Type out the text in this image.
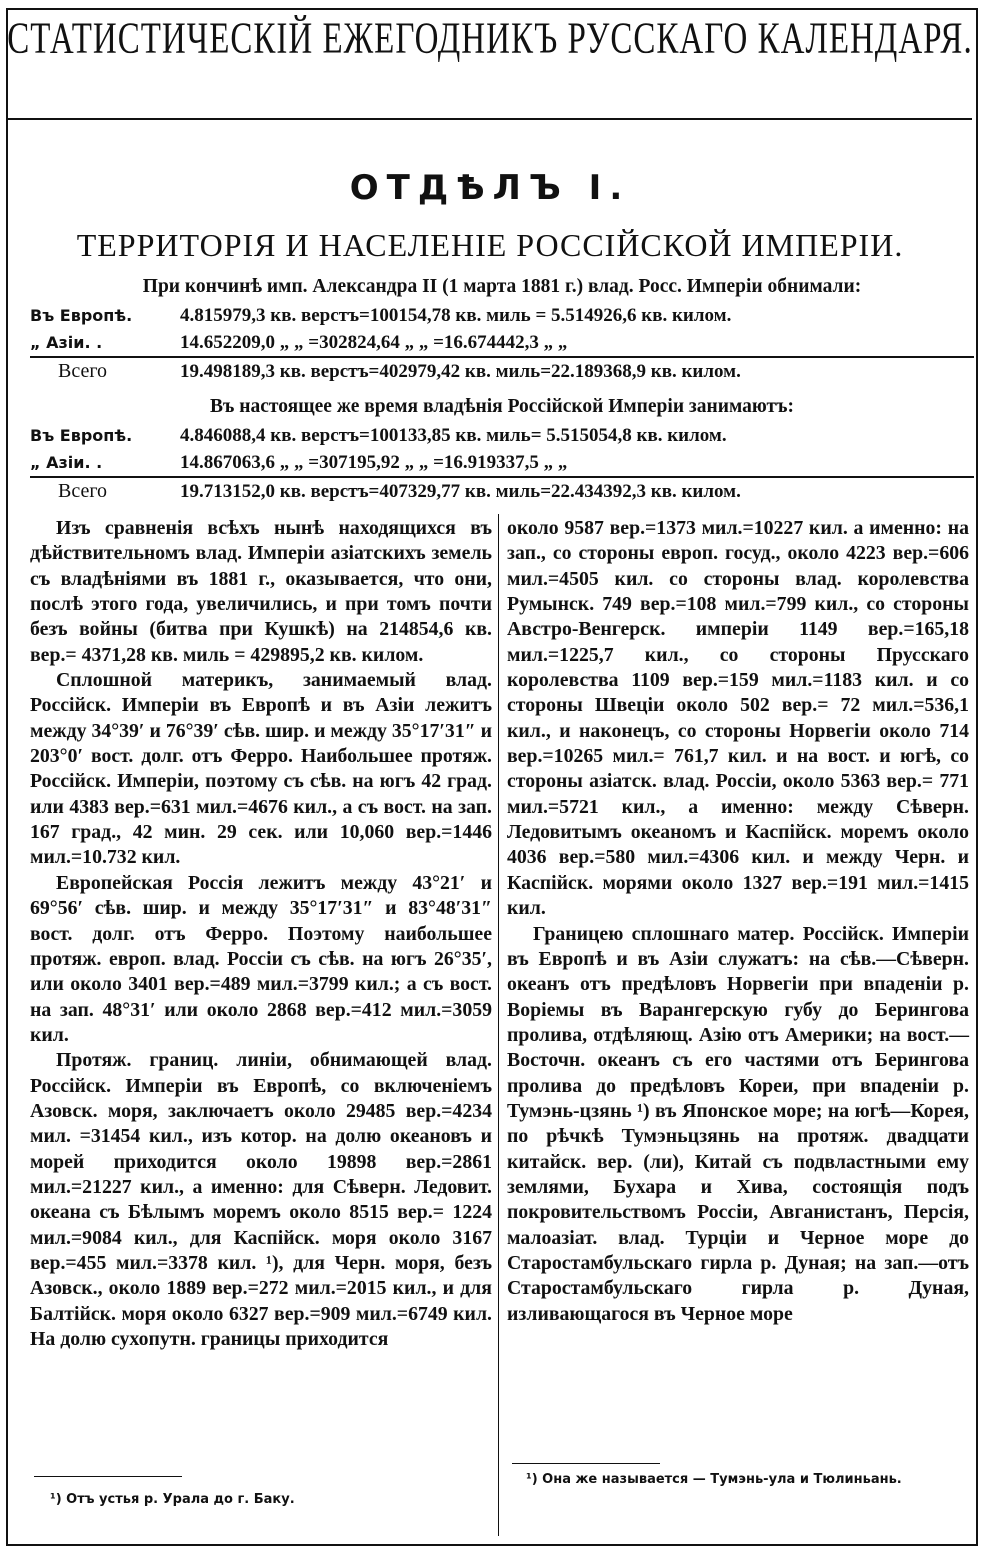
СТАТИСТИЧЕСКІЙ ЕЖЕГОДНИКЪ РУССКАГО КАЛЕНДАРЯ.
ОТДѢЛЪ I.
ТЕРРИТОРІЯ И НАСЕЛЕНІЕ РОССІЙСКОЙ ИМПЕРІИ.

При кончинѣ имп. Александра II (1 марта 1881 г.) влад. Росс. Имперіи обнимали:

Въ Европѣ.	4.815979,3 кв. верстъ=100154,78 кв. миль = 5.514926,6 кв. килом.
„ Азіи. .	14.652209,0 „ „ =302824,64 „ „ =16.674442,3 „ „
Всего	19.498189,3 кв. верстъ=402979,42 кв. миль=22.189368,9 кв. килом.

Въ настоящее же время владѣнія Россійской Имперіи занимаютъ:

Въ Европѣ.	4.846088,4 кв. верстъ=100133,85 кв. миль= 5.515054,8 кв. килом.
„ Азіи. .	14.867063,6 „ „ =307195,92 „ „ =16.919337,5 „ „
Всего	19.713152,0 кв. верстъ=407329,77 кв. миль=22.434392,3 кв. килом.

Изъ сравненія всѣхъ нынѣ находящихся въ дѣйствительномъ влад. Имперіи азіатскихъ земель съ владѣніями въ 1881 г., оказывается, что они, послѣ этого года, увеличились, и при томъ почти безъ войны (битва при Кушкѣ) на 214854,6 кв. вер.= 4371,28 кв. миль = 429895,2 кв. килом.

Сплошной материкъ, занимаемый влад. Россійск. Имперіи въ Европѣ и въ Азіи лежитъ между 34°39′ и 76°39′ сѣв. шир. и между 35°17′31″ и 203°0′ вост. долг. отъ Ферро. Наибольшее протяж. Россійск. Имперіи, поэтому съ сѣв. на югъ 42 град. или 4383 вер.=631 мил.=4676 кил., а съ вост. на зап. 167 град., 42 мин. 29 сек. или 10,060 вер.=1446 мил.=10.732 кил.

Европейская Россія лежитъ между 43°21′ и 69°56′ сѣв. шир. и между 35°17′31″ и 83°48′31″ вост. долг. отъ Ферро. Поэтому наибольшее протяж. европ. влад. Россіи съ сѣв. на югъ 26°35′, или около 3401 вер.=489 мил.=3799 кил.; а съ вост. на зап. 48°31′ или около 2868 вер.=412 мил.=3059 кил.

Протяж. границ. линіи, обнимающей влад. Россійск. Имперіи въ Европѣ, со включеніемъ Азовск. моря, заключаетъ около 29485 вер.=4234 мил. =31454 кил., изъ котор. на долю океановъ и морей приходится около 19898 вер.=2861 мил.=21227 кил., а именно: для Сѣверн. Ледовит. океана съ Бѣлымъ моремъ около 8515 вер.= 1224 мил.=9084 кил., для Каспійск. моря около 3167 вер.=455 мил.=3378 кил. ¹), для Черн. моря, безъ Азовск., около 1889 вер.=272 мил.=2015 кил., и для Балтійск. моря около 6327 вер.=909 мил.=6749 кил. На долю сухопутн. границы приходится

около 9587 вер.=1373 мил.=10227 кил. а именно: на зап., со стороны европ. госуд., около 4223 вер.=606 мил.=4505 кил. со стороны влад. королевства Румынск. 749 вер.=108 мил.=799 кил., со стороны Австро-Венгерск. имперіи 1149 вер.=165,18 мил.=1225,7 кил., со стороны Прусскаго королевства 1109 вер.=159 мил.=1183 кил. и со стороны Швеціи около 502 вер.= 72 мил.=536,1 кил., и наконецъ, со стороны Норвегіи около 714 вер.=10265 мил.= 761,7 кил. и на вост. и югѣ, со стороны азіатск. влад. Россіи, около 5363 вер.= 771 мил.=5721 кил., а именно: между Сѣверн. Ледовитымъ океаномъ и Каспійск. моремъ около 4036 вер.=580 мил.=4306 кил. и между Черн. и Каспійск. морями около 1327 вер.=191 мил.=1415 кил.

Границею сплошнаго матер. Россійск. Имперіи въ Европѣ и въ Азіи служатъ: на сѣв.—Сѣверн. океанъ отъ предѣловъ Норвегіи при впаденіи р. Воріемы въ Варангерскую губу до Берингова пролива, отдѣляющ. Азію отъ Америки; на вост.— Восточн. океанъ съ его частями отъ Берингова пролива до предѣловъ Кореи, при впаденіи р. Тумэнь-цзянь ¹) въ Японское море; на югѣ—Корея, по рѣчкѣ Тумэньцзянь на протяж. двадцати китайск. вер. (ли), Китай съ подвластными ему землями, Бухара и Хива, состоящія подъ покровительствомъ Россіи, Авганистанъ, Персія, малоазіат. влад. Турціи и Черное море до Старостамбульскаго гирла р. Дуная; на зап.—отъ Старостамбульскаго гирла р. Дуная, изливающагося въ Черное море

¹) Отъ устья р. Урала до г. Баку.
¹) Она же называется — Тумэнь-ула и Тюлиньань.
